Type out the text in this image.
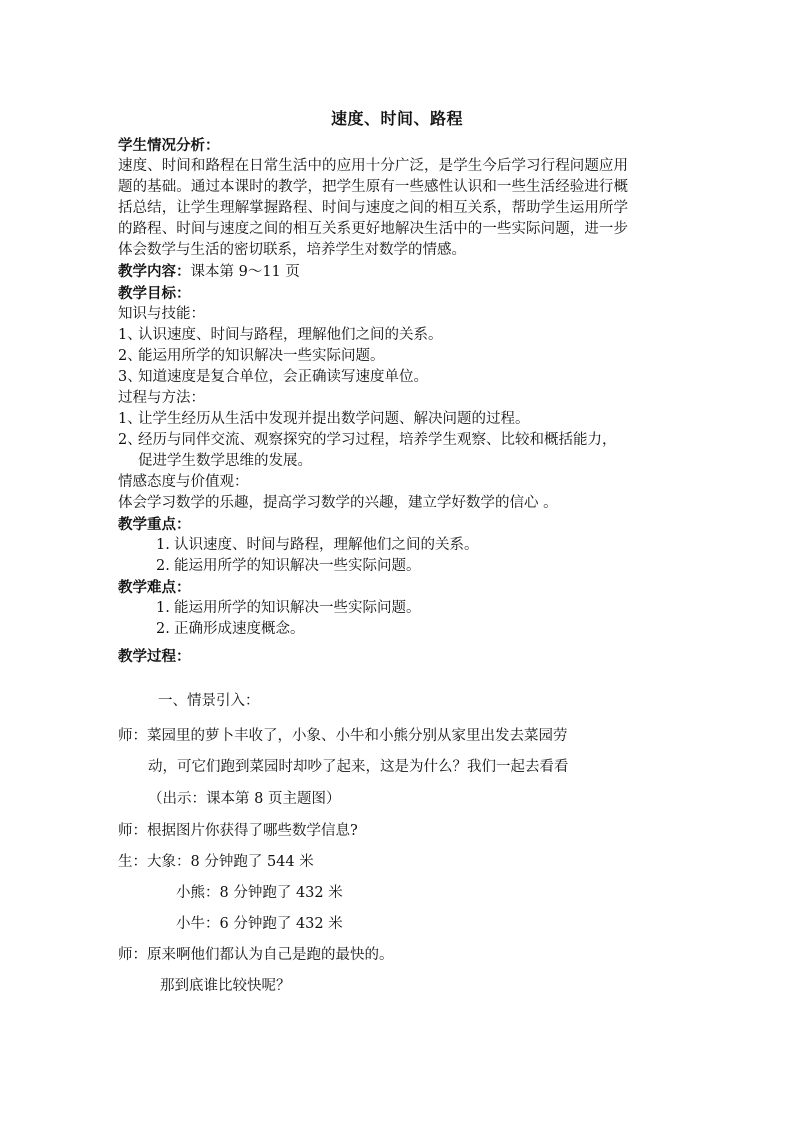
速度、时间、路程
学生情况分析：
速度、时间和路程在日常生活中的应用十分广泛，是学生今后学习行程问题应用题的基础。通过本课时的教学，把学生原有一些感性认识和一些生活经验进行概括总结，让学生理解掌握路程、时间与速度之间的相互关系，帮助学生运用所学的路程、时间与速度之间的相互关系更好地解决生活中的一些实际问题，进一步体会数学与生活的密切联系，培养学生对数学的情感。
教学内容：课本第 9～11 页
教学目标：
知识与技能：
1、
认识速度、时间与路程，理解他们之间的关系。
2、
能运用所学的知识解决一些实际问题。
3、
知道速度是复合单位，会正确读写速度单位。
过程与方法：
1、
让学生经历从生活中发现并提出数学问题、解决问题的过程。
2、
经历与同伴交流、观察探究的学习过程，培养学生观察、比较和概括能力，促进学生数学思维的发展。
情感态度与价值观：
体会学习数学的乐趣，提高学习数学的兴趣，建立学好数学的信心 。
教学重点：
1. 认识速度、时间与路程，理解他们之间的关系。
2. 能运用所学的知识解决一些实际问题。
教学难点：
1. 能运用所学的知识解决一些实际问题。
2. 正确形成速度概念。
教学过程：
一、情景引入：
师：菜园里的萝卜丰收了，小象、小牛和小熊分别从家里出发去菜园劳
动，可它们跑到菜园时却吵了起来，这是为什么？我们一起去看看
（出示：课本第 8 页主题图）
师：根据图片你获得了哪些数学信息?
生：大象：8 分钟跑了 544 米
小熊：8 分钟跑了 432 米
小牛：6 分钟跑了 432 米
师：原来啊他们都认为自己是跑的最快的。
那到底谁比较快呢？
